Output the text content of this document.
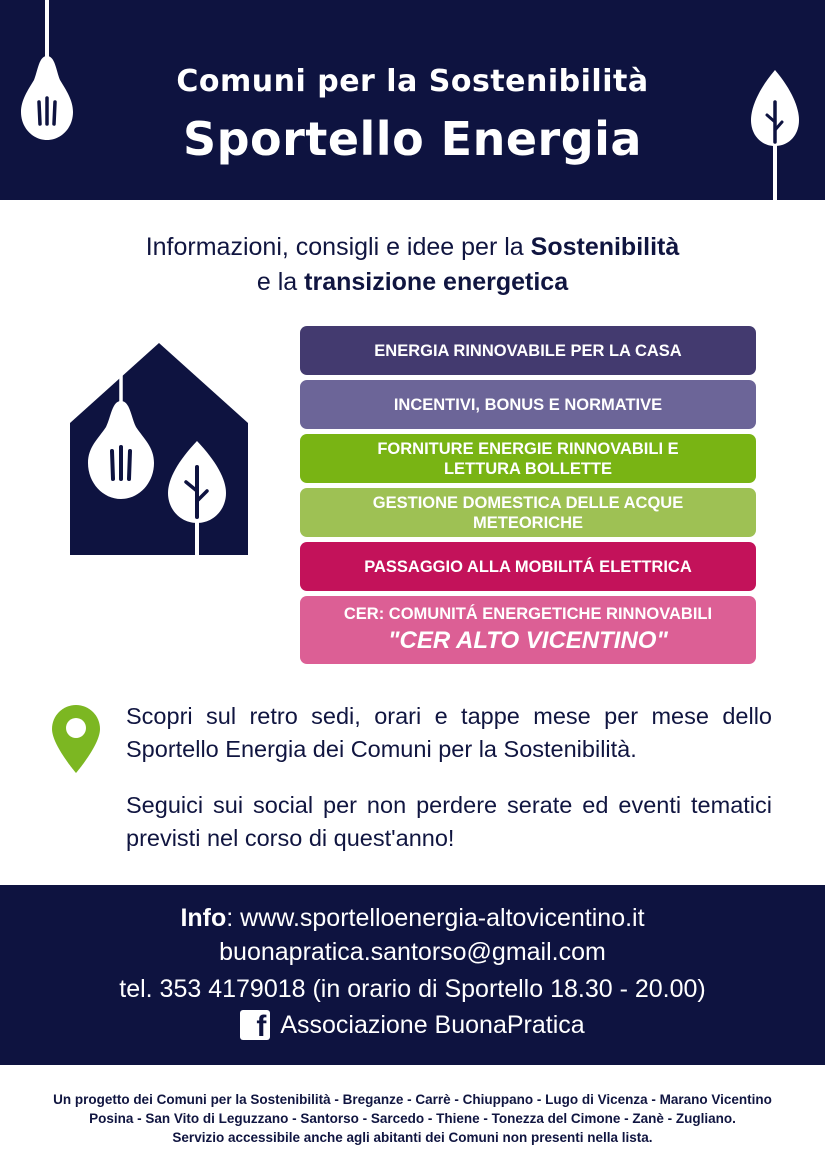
Comuni per la Sostenibilità
Sportello Energia
Informazioni, consigli e idee per la Sostenibilità
e la transizione energetica
ENERGIA RINNOVABILE PER LA CASA
INCENTIVI, BONUS E NORMATIVE
FORNITURE ENERGIE RINNOVABILI E
LETTURA BOLLETTE
GESTIONE DOMESTICA DELLE ACQUE
METEORICHE
PASSAGGIO ALLA MOBILITÁ ELETTRICA
CER: COMUNITÁ ENERGETICHE RINNOVABILI
"CER ALTO VICENTINO"
Scopri sul retro sedi, orari e tappe mese per mese dello Sportello Energia dei Comuni per la Sostenibilità.
Seguici sui social per non perdere serate ed eventi tematici previsti nel corso di quest'anno!
Info: www.sportelloenergia-altovicentino.it
buonapratica.santorso@gmail.com
tel. 353 4179018 (in orario di Sportello 18.30 - 20.00)
f Associazione BuonaPratica
Un progetto dei Comuni per la Sostenibilità - Breganze - Carrè - Chiuppano - Lugo di Vicenza - Marano Vicentino
Posina - San Vito di Leguzzano - Santorso - Sarcedo - Thiene - Tonezza del Cimone - Zanè - Zugliano.
Servizio accessibile anche agli abitanti dei Comuni non presenti nella lista.
